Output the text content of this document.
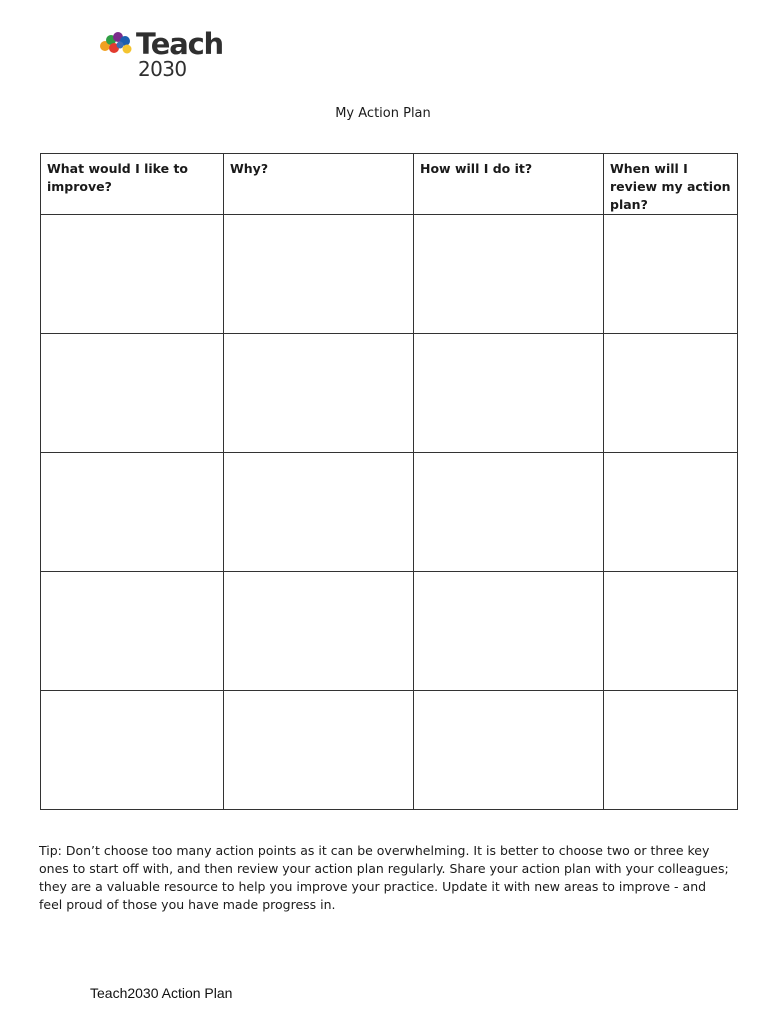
Teach
2030
My Action Plan
What would I like to improve?	Why?	How will I do it?	When will I review my action plan?

Tip: Don’t choose too many action points as it can be overwhelming. It is better to choose two or three key ones to start off with, and then review your action plan regularly. Share your action plan with your colleagues; they are a valuable resource to help you improve your practice. Update it with new areas to improve - and feel proud of those you have made progress in.
Teach2030 Action Plan
